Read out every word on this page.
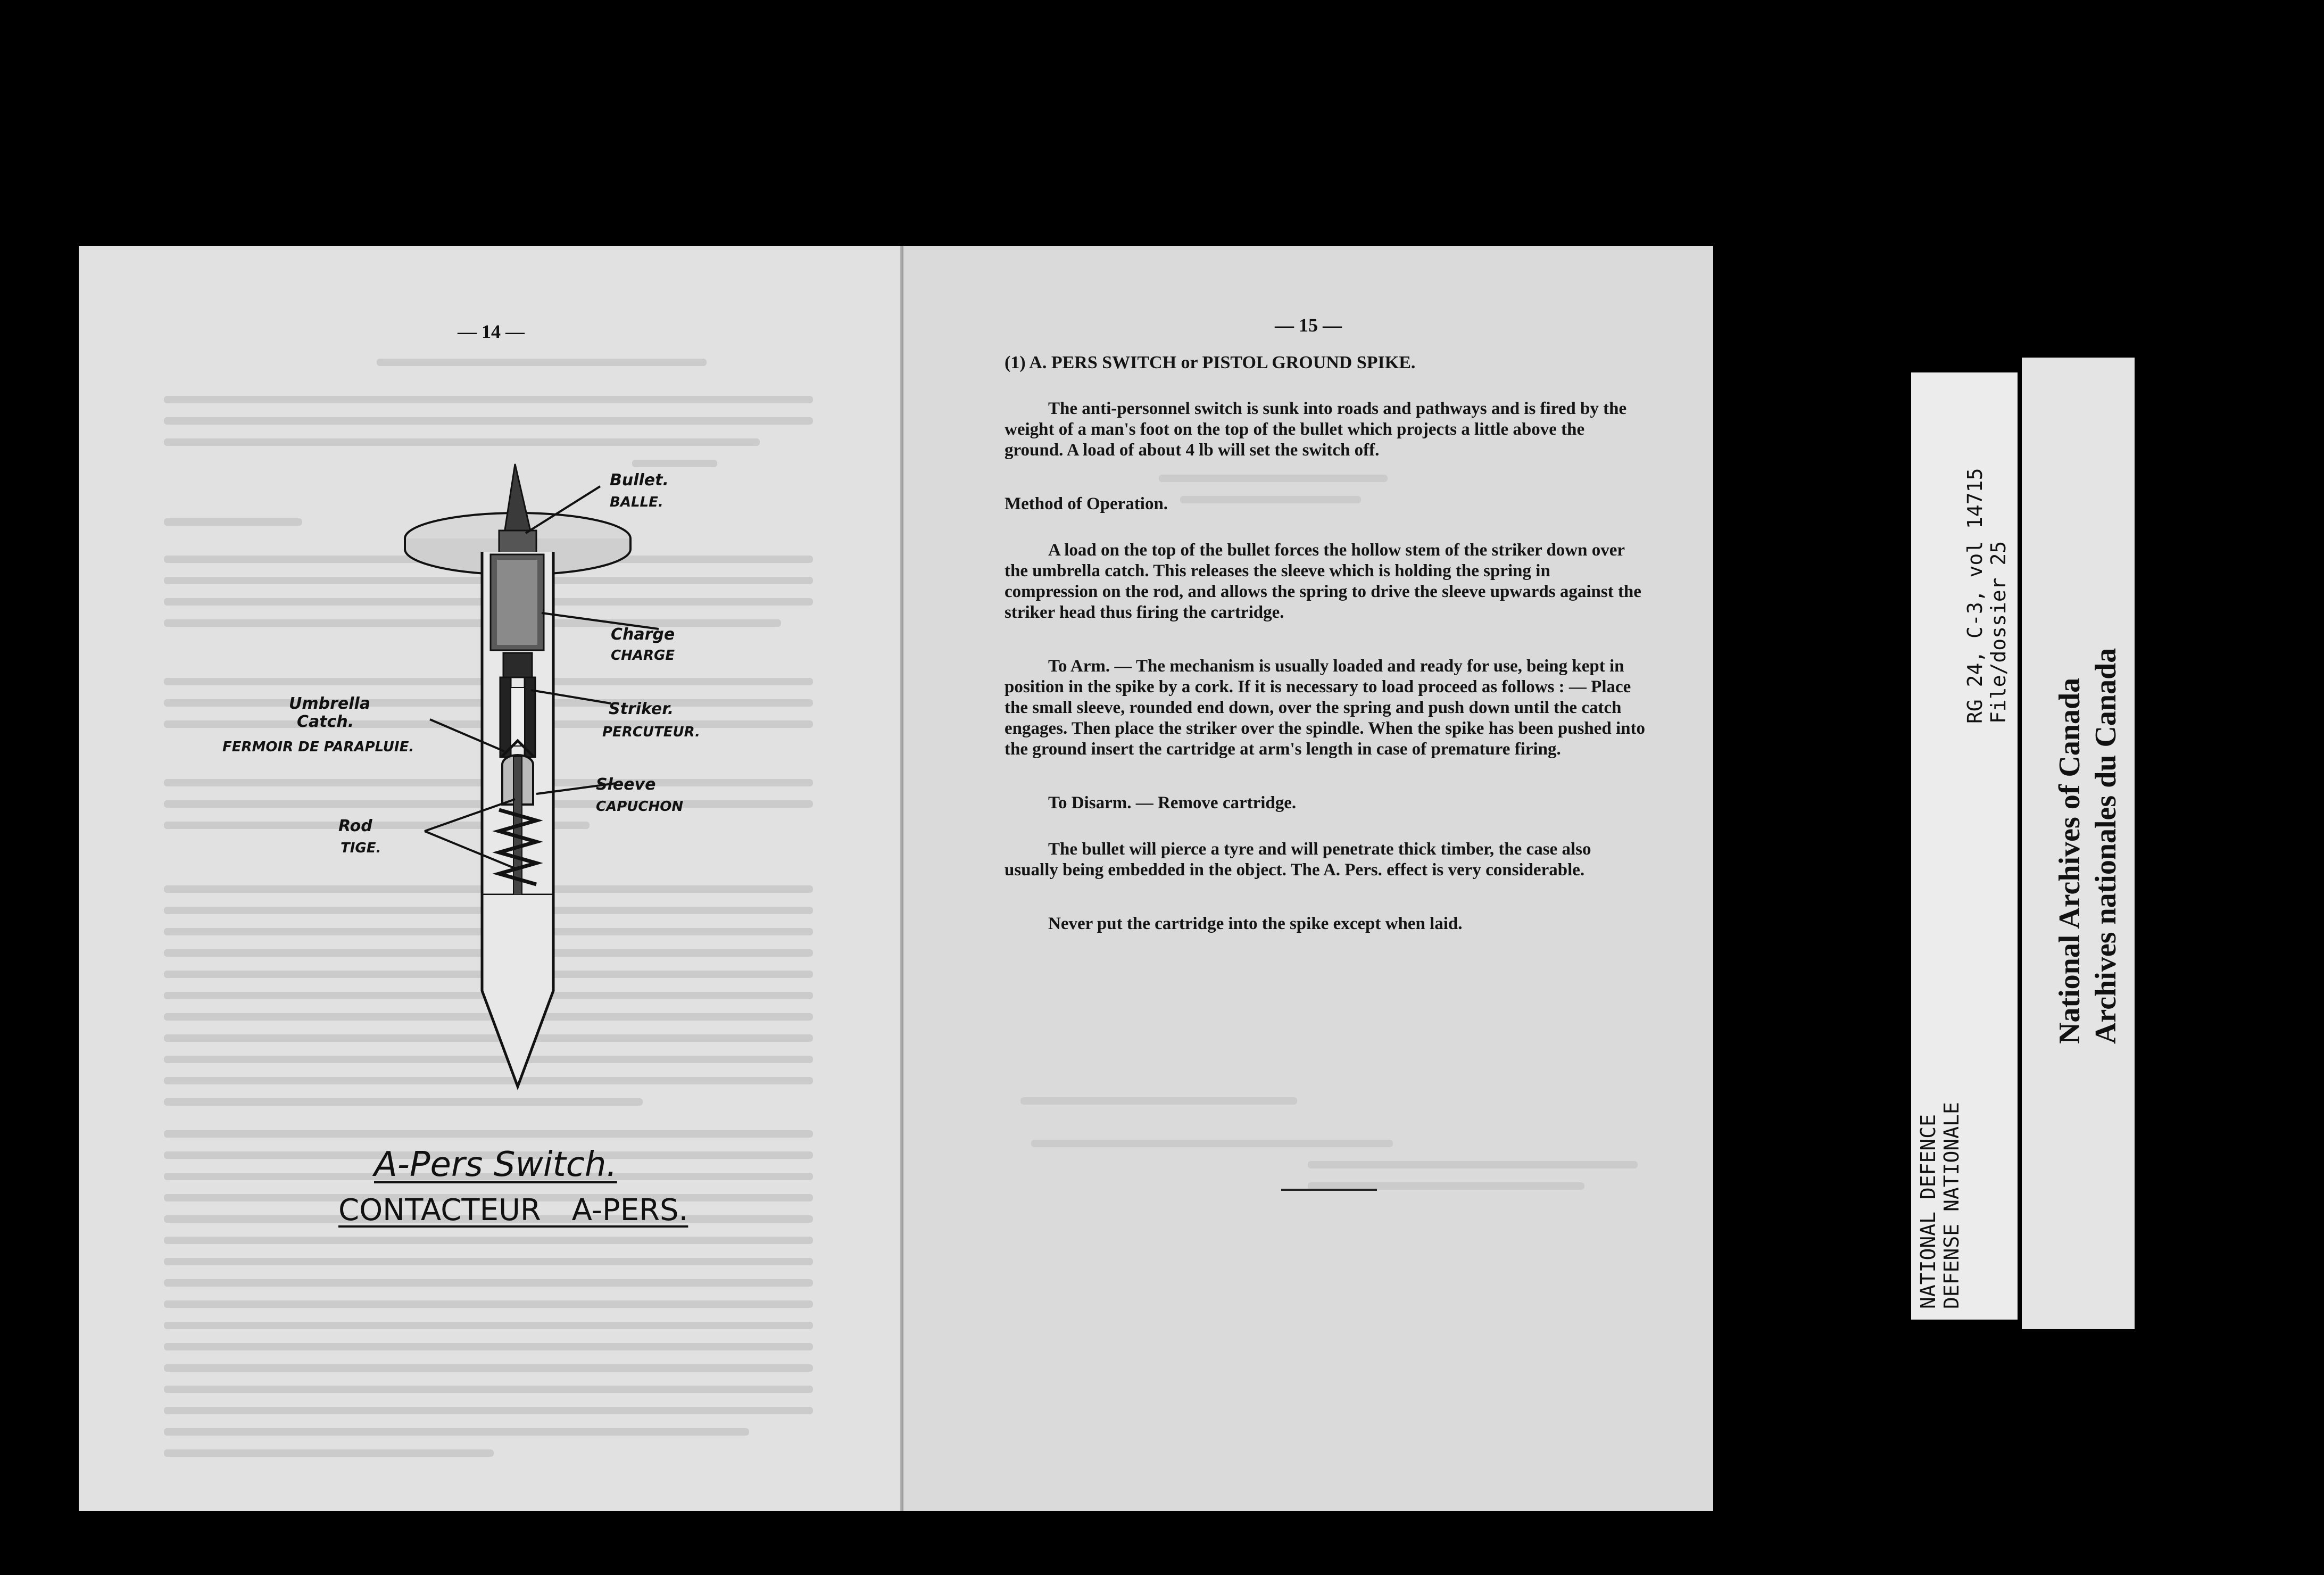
— 14 —
Bullet.
BALLE.
Charge
CHARGE
Striker.
PERCUTEUR.
Umbrella
Catch.
FERMOIR DE PARAPLUIE.
Sleeve
CAPUCHON
Rod
TIGE.
A-Pers Switch.
CONTACTEUR A-PERS.
— 15 —

(1) A. PERS SWITCH or PISTOL GROUND SPIKE.

The anti-personnel switch is sunk into roads and pathways and is fired by the weight of a man's foot on the top of the bullet which projects a little above the ground. A load of about 4 lb will set the switch off.

Method of Operation.

A load on the top of the bullet forces the hollow stem of the striker down over the umbrella catch. This releases the sleeve which is holding the spring in compression on the rod, and allows the spring to drive the sleeve upwards against the striker head thus firing the cartridge.

To Arm. — The mechanism is usually loaded and ready for use, being kept in position in the spike by a cork. If it is necessary to load proceed as follows : — Place the small sleeve, rounded end down, over the spring and push down until the catch engages. Then place the striker over the spindle. When the spike has been pushed into the ground insert the cartridge at arm's length in case of premature firing.

To Disarm. — Remove cartridge.

The bullet will pierce a tyre and will penetrate thick timber, the case also usually being embedded in the object. The A. Pers. effect is very considerable.

Never put the cartridge into the spike except when laid.

NATIONAL DEFENCE DEFENSE NATIONALE
RG 24, C-3, vol 14715 File/dossier 25
National Archives of Canada Archives nationales du Canada
